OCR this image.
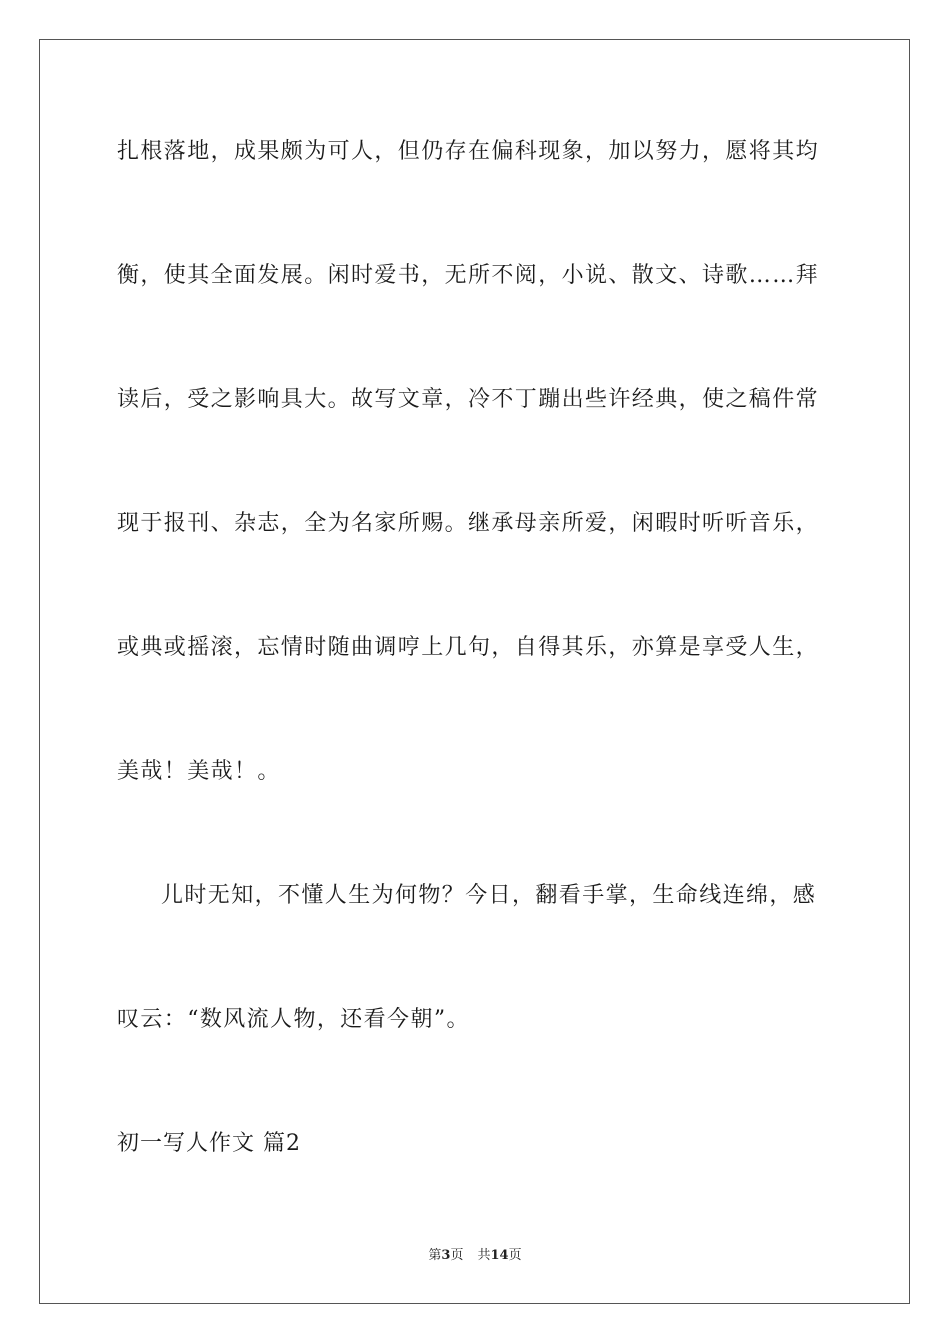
扎根落地，成果颇为可人，但仍存在偏科现象，加以努力，愿将其均
衡，使其全面发展。闲时爱书，无所不阅，小说、散文、诗歌……拜
读后，受之影响具大。故写文章，冷不丁蹦出些许经典，使之稿件常
现于报刊、杂志，全为名家所赐。继承母亲所爱，闲暇时听听音乐，
或典或摇滚，忘情时随曲调哼上几句，自得其乐，亦算是享受人生，
美哉！美哉！。
儿时无知，不懂人生为何物？今日，翻看手掌，生命线连绵，感
叹云：“数风流人物，还看今朝”。
初一写人作文 篇2
第3页 共14页
